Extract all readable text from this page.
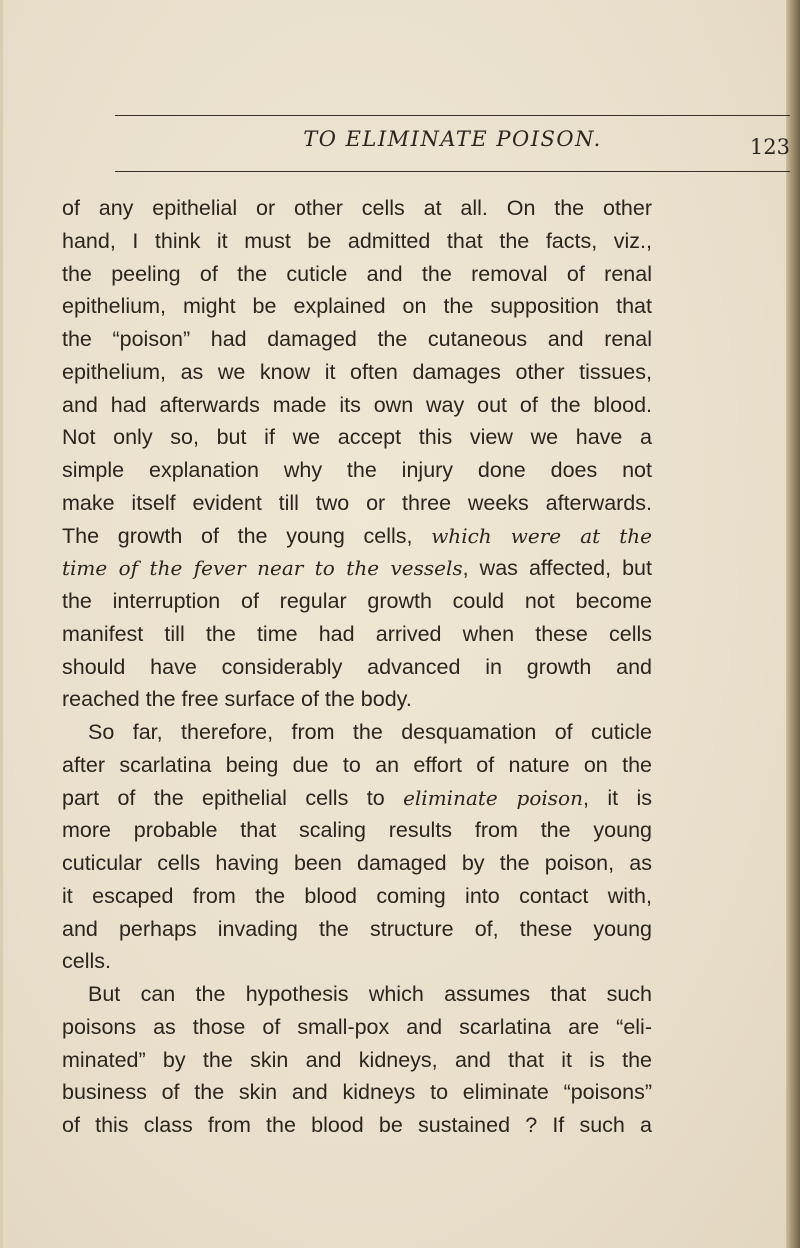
TO ELIMINATE POISON.	123
of any epithelial or other cells at all. On the other
hand, I think it must be admitted that the facts, viz.,
the peeling of the cuticle and the removal of renal
epithelium, might be explained on the supposition that
the “poison” had damaged the cutaneous and renal
epithelium, as we know it often damages other tissues,
and had afterwards made its own way out of the blood.
Not only so, but if we accept this view we have a
simple explanation why the injury done does not
make itself evident till two or three weeks afterwards.
The growth of the young cells, which were at the
time of the fever near to the vessels, was affected, but
the interruption of regular growth could not become
manifest till the time had arrived when these cells
should have considerably advanced in growth and
reached the free surface of the body.
So far, therefore, from the desquamation of cuticle
after scarlatina being due to an effort of nature on the
part of the epithelial cells to eliminate poison, it is
more probable that scaling results from the young
cuticular cells having been damaged by the poison, as
it escaped from the blood coming into contact with,
and perhaps invading the structure of, these young
cells.
But can the hypothesis which assumes that such
poisons as those of small-pox and scarlatina are “eli-
minated” by the skin and kidneys, and that it is the
business of the skin and kidneys to eliminate “poisons”
of this class from the blood be sustained ? If such a
